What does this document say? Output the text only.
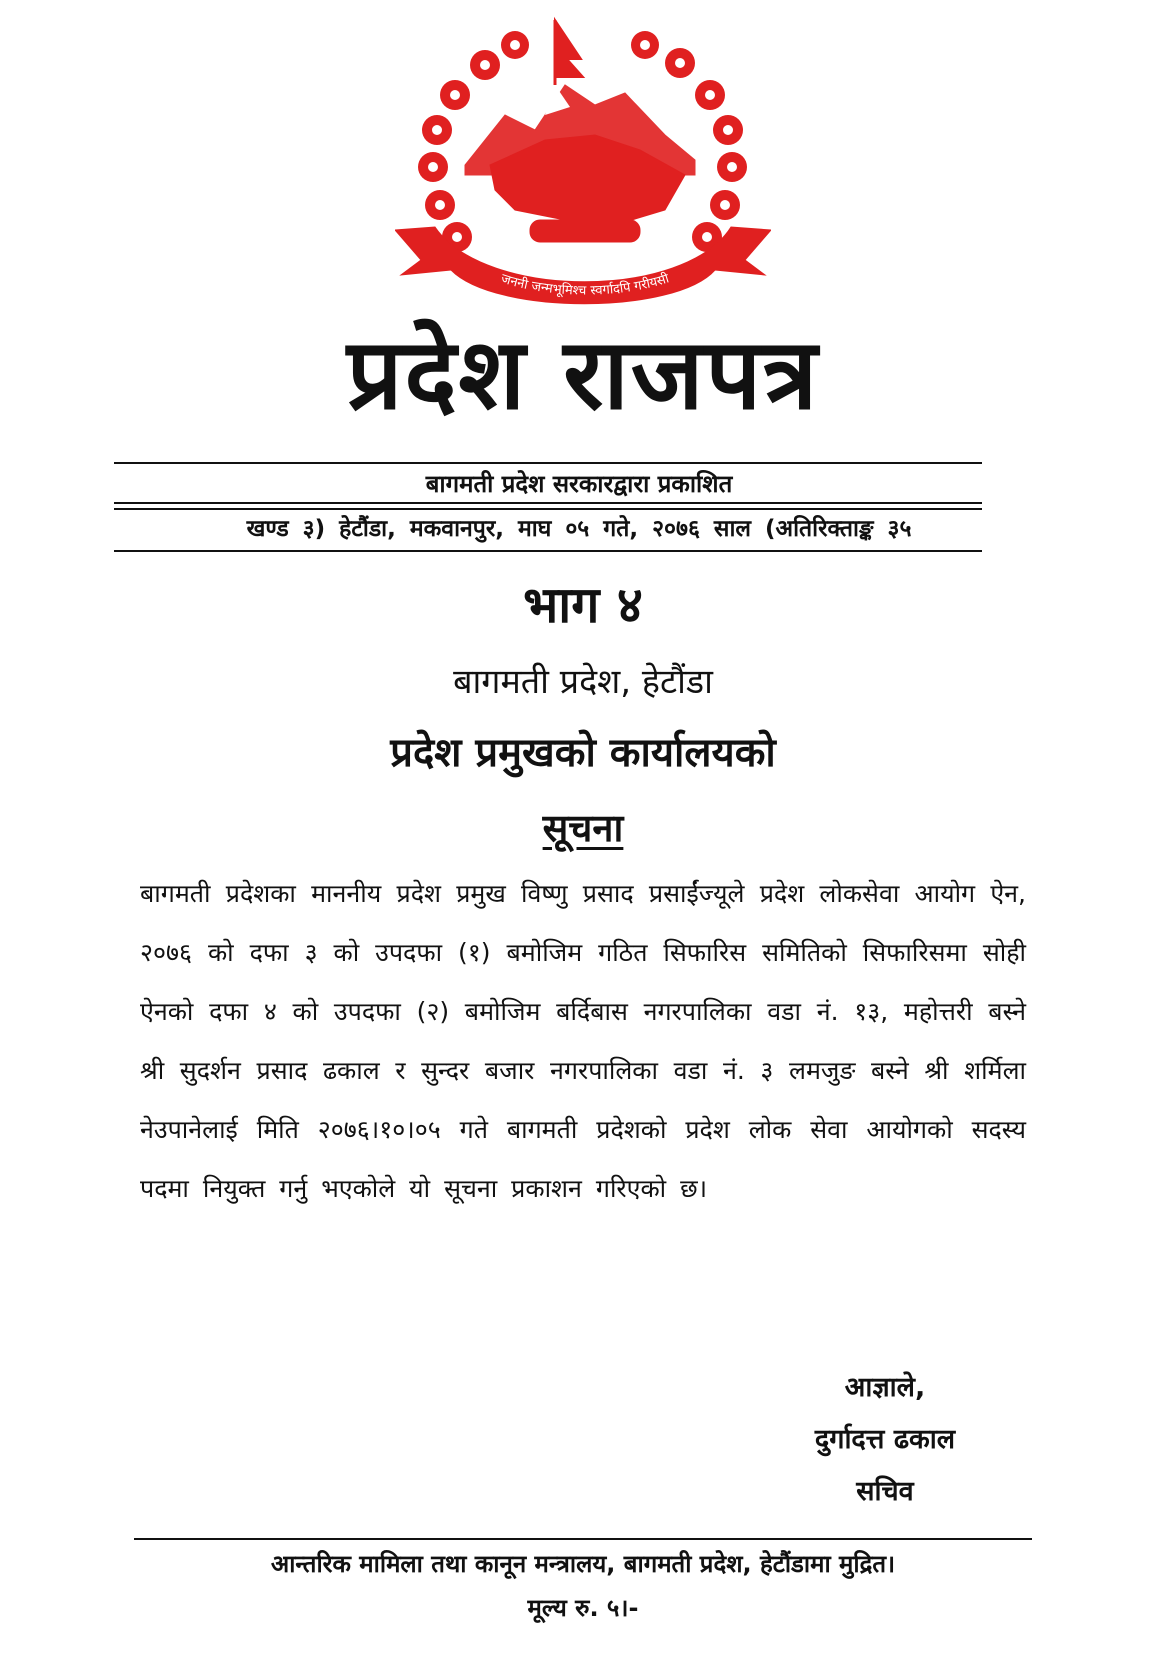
जननी जन्मभूमिश्च स्वर्गादपि गरीयसी
प्रदेश राजपत्र
बागमती प्रदेश सरकारद्वारा प्रकाशित
खण्ड ३) हेटौंडा, मकवानपुर, माघ ०५ गते, २०७६ साल (अतिरिक्ताङ्क ३५
भाग ४
बागमती प्रदेश, हेटौंडा
प्रदेश प्रमुखको कार्यालयको
सूचना
बागमती प्रदेशका माननीय प्रदेश प्रमुख विष्णु प्रसाद प्रसाईंज्यूले प्रदेश लोकसेवा आयोग ऐन, २०७६ को दफा ३ को उपदफा (१) बमोजिम गठित सिफारिस समितिको सिफारिसमा सोही ऐनको दफा ४ को उपदफा (२) बमोजिम बर्दिबास नगरपालिका वडा नं. १३, महोत्तरी बस्ने श्री सुदर्शन प्रसाद ढकाल र सुन्दर बजार नगरपालिका वडा नं. ३ लमजुङ बस्ने श्री शर्मिला नेउपानेलाई मिति २०७६।१०।०५ गते बागमती प्रदेशको प्रदेश लोक सेवा आयोगको सदस्य पदमा नियुक्त गर्नु भएकोले यो सूचना प्रकाशन गरिएको छ।
आज्ञाले,
दुर्गादत्त ढकाल
सचिव
आन्तरिक मामिला तथा कानून मन्त्रालय, बागमती प्रदेश, हेटौंडामा मुद्रित।
मूल्य रु. ५।-
